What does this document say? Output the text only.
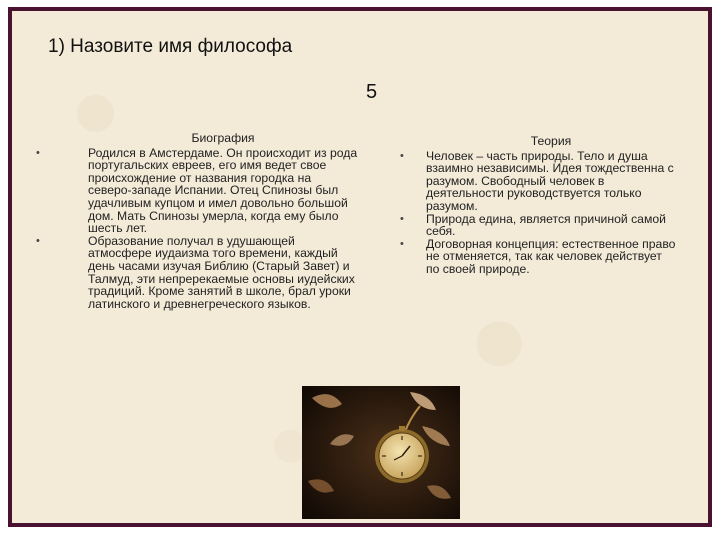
1) Назовите имя философа
5
Биография
•	Родился в Амстердаме. Он происходит из рода португальских евреев, его имя ведет свое происхождение от названия городка на северо-западе Испании. Отец Спинозы был удачливым купцом и имел довольно большой дом. Мать Спинозы умерла, когда ему было шесть лет.
•	Образование получал в удушающей атмосфере иудаизма того времени, каждый день часами изучая Библию (Старый Завет) и Талмуд, эти непререкаемые основы иудейских традиций. Кроме занятий в школе, брал уроки латинского и древнегреческого языков.
Теория
• Человек – часть природы. Тело и душа взаимно независимы. Идея тождественна с разумом. Свободный человек в деятельности руководствуется только разумом.
• Природа едина, является причиной самой себя.
• Договорная концепция: естественное право не отменяется, так как человек действует по своей природе.
